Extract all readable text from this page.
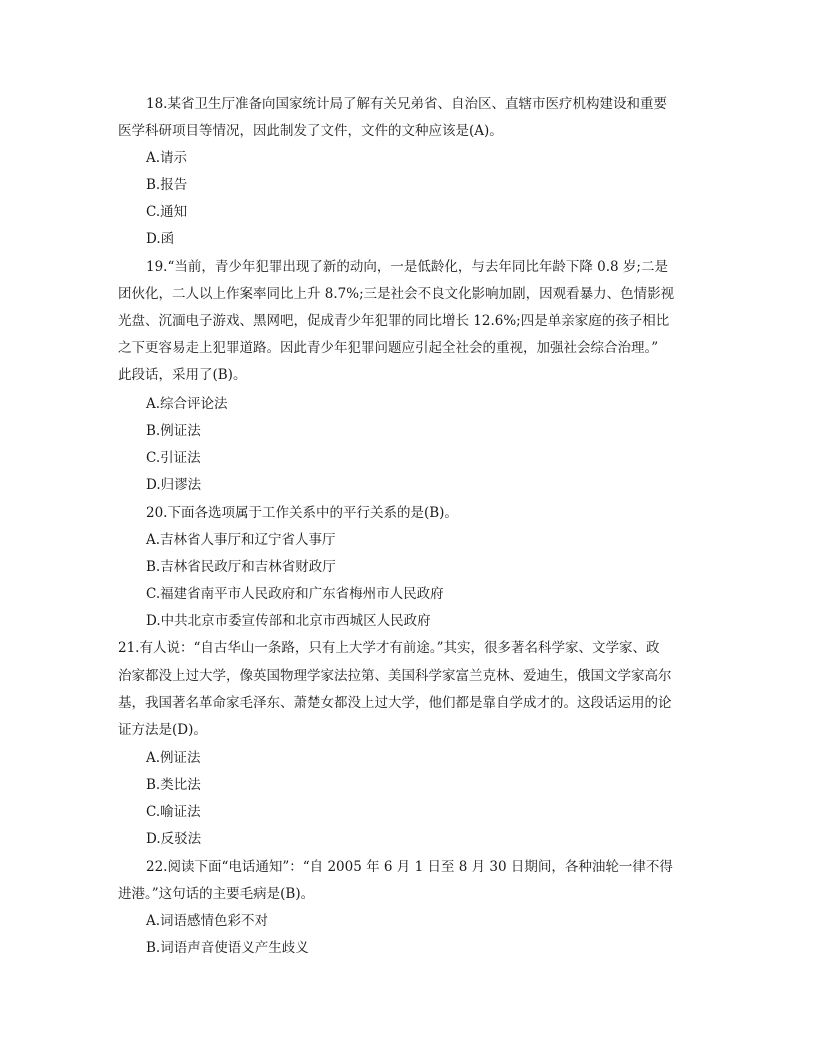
18.某省卫生厅准备向国家统计局了解有关兄弟省、自治区、直辖市医疗机构建设和重要
医学科研项目等情况，因此制发了文件，文件的文种应该是(A)。
A.请示
B.报告
C.通知
D.函
19.“当前，青少年犯罪出现了新的动向，一是低龄化，与去年同比年龄下降 0.8 岁;二是
团伙化，二人以上作案率同比上升 8.7%;三是社会不良文化影响加剧，因观看暴力、色情影视
光盘、沉湎电子游戏、黑网吧，促成青少年犯罪的同比增长 12.6%;四是单亲家庭的孩子相比
之下更容易走上犯罪道路。因此青少年犯罪问题应引起全社会的重视，加强社会综合治理。”
此段话，采用了(B)。
A.综合评论法
B.例证法
C.引证法
D.归谬法
20.下面各选项属于工作关系中的平行关系的是(B)。
A.吉林省人事厅和辽宁省人事厅
B.吉林省民政厅和吉林省财政厅
C.福建省南平市人民政府和广东省梅州市人民政府
D.中共北京市委宣传部和北京市西城区人民政府
21.有人说：“自古华山一条路，只有上大学才有前途。”其实，很多著名科学家、文学家、政
治家都没上过大学，像英国物理学家法拉第、美国科学家富兰克林、爱迪生，俄国文学家高尔
基，我国著名革命家毛泽东、萧楚女都没上过大学，他们都是靠自学成才的。这段话运用的论
证方法是(D)。
A.例证法
B.类比法
C.喻证法
D.反驳法
22.阅读下面“电话通知”：“自 2005 年 6 月 1 日至 8 月 30 日期间，各种油轮一律不得
进港。”这句话的主要毛病是(B)。
A.词语感情色彩不对
B.词语声音使语义产生歧义
